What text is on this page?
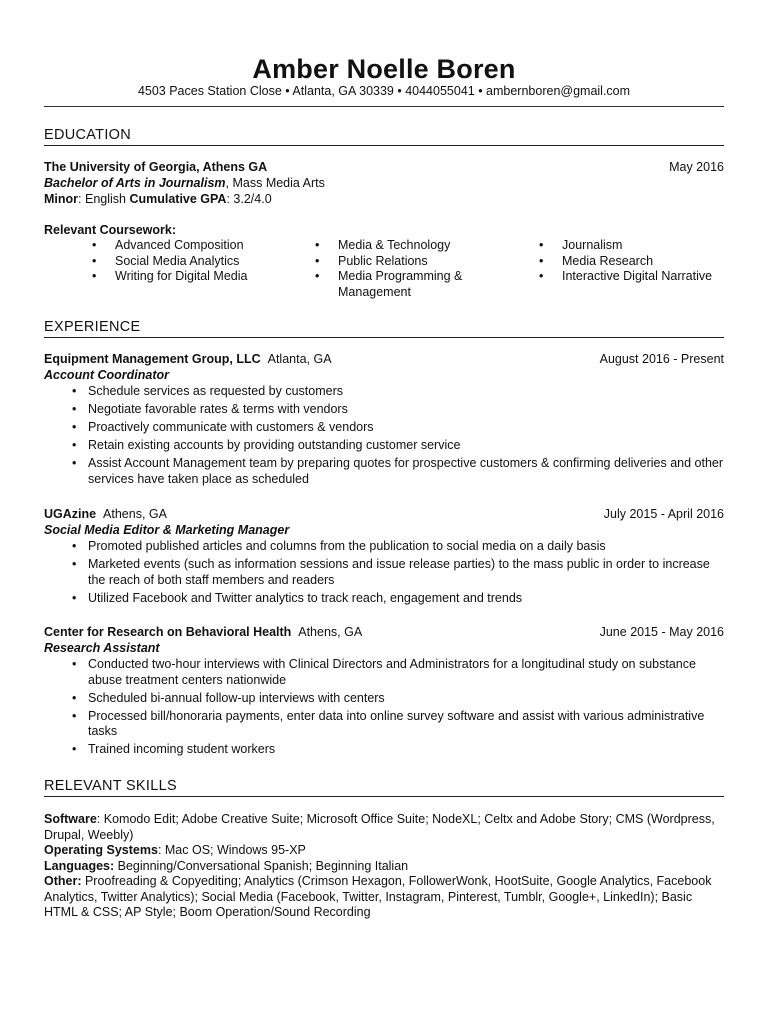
Amber Noelle Boren
4503 Paces Station Close • Atlanta, GA 30339 • 4044055041 • ambernboren@gmail.com
EDUCATION
The University of Georgia, Athens GA	May 2016
Bachelor of Arts in Journalism, Mass Media Arts
Minor: English Cumulative GPA: 3.2/4.0
Relevant Coursework:
• Advanced Composition
• Social Media Analytics
• Writing for Digital Media
• Media & Technology
• Public Relations
• Media Programming & Management
• Journalism
• Media Research
• Interactive Digital Narrative
EXPERIENCE
Equipment Management Group, LLC Atlanta, GA	August 2016 - Present
Account Coordinator
• Schedule services as requested by customers
• Negotiate favorable rates & terms with vendors
• Proactively communicate with customers & vendors
• Retain existing accounts by providing outstanding customer service
• Assist Account Management team by preparing quotes for prospective customers & confirming deliveries and other services have taken place as scheduled
UGAzine Athens, GA	July 2015 - April 2016
Social Media Editor & Marketing Manager
• Promoted published articles and columns from the publication to social media on a daily basis
• Marketed events (such as information sessions and issue release parties) to the mass public in order to increase the reach of both staff members and readers
• Utilized Facebook and Twitter analytics to track reach, engagement and trends
Center for Research on Behavioral Health Athens, GA	June 2015 - May 2016
Research Assistant
• Conducted two-hour interviews with Clinical Directors and Administrators for a longitudinal study on substance abuse treatment centers nationwide
• Scheduled bi-annual follow-up interviews with centers
• Processed bill/honoraria payments, enter data into online survey software and assist with various administrative tasks
• Trained incoming student workers
RELEVANT SKILLS

Software: Komodo Edit; Adobe Creative Suite; Microsoft Office Suite; NodeXL; Celtx and Adobe Story; CMS (Wordpress, Drupal, Weebly)

Operating Systems: Mac OS; Windows 95-XP

Languages: Beginning/Conversational Spanish; Beginning Italian

Other: Proofreading & Copyediting; Analytics (Crimson Hexagon, FollowerWonk, HootSuite, Google Analytics, Facebook Analytics, Twitter Analytics); Social Media (Facebook, Twitter, Instagram, Pinterest, Tumblr, Google+, LinkedIn); Basic HTML & CSS; AP Style; Boom Operation/Sound Recording
